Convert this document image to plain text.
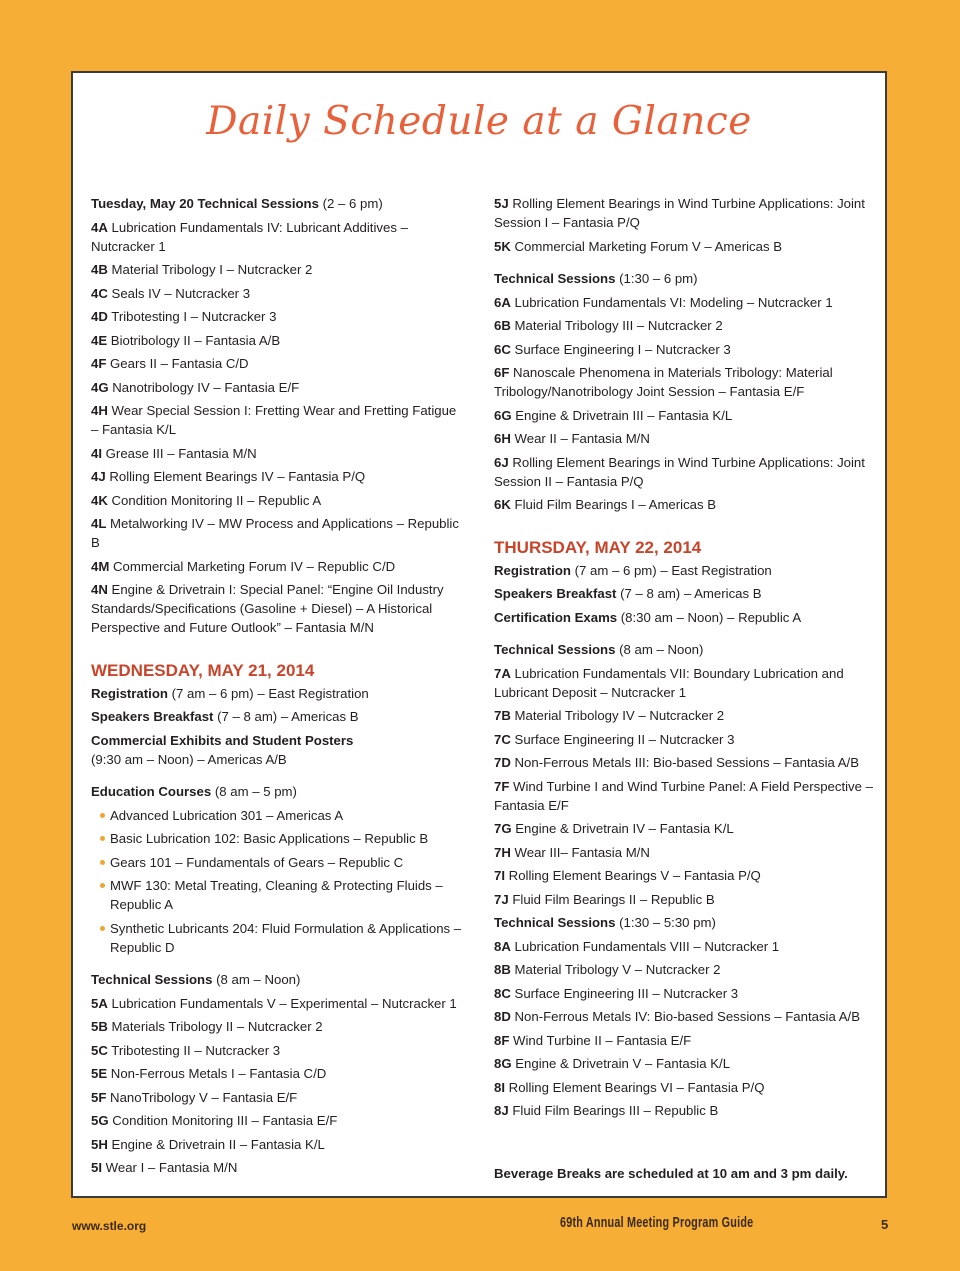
Daily Schedule at a Glance
Tuesday, May 20 Technical Sessions (2 – 6 pm)
4A Lubrication Fundamentals IV: Lubricant Additives – Nutcracker 1
4B Material Tribology I – Nutcracker 2
4C Seals IV – Nutcracker 3
4D Tribotesting I – Nutcracker 3
4E Biotribology II – Fantasia A/B
4F Gears II – Fantasia C/D
4G Nanotribology IV – Fantasia E/F
4H Wear Special Session I: Fretting Wear and Fretting Fatigue – Fantasia K/L
4I Grease III – Fantasia M/N
4J Rolling Element Bearings IV – Fantasia P/Q
4K Condition Monitoring II – Republic A
4L Metalworking IV – MW Process and Applications – Republic B
4M Commercial Marketing Forum IV – Republic C/D
4N Engine & Drivetrain I: Special Panel: “Engine Oil Industry Standards/Specifications (Gasoline + Diesel) – A Historical Perspective and Future Outlook” – Fantasia M/N
WEDNESDAY, MAY 21, 2014
Registration (7 am – 6 pm) – East Registration
Speakers Breakfast (7 – 8 am) – Americas B
Commercial Exhibits and Student Posters
(9:30 am – Noon) – Americas A/B
Education Courses (8 am – 5 pm)
Advanced Lubrication 301 – Americas A
Basic Lubrication 102: Basic Applications – Republic B
Gears 101 – Fundamentals of Gears – Republic C
MWF 130: Metal Treating, Cleaning & Protecting Fluids – Republic A
Synthetic Lubricants 204: Fluid Formulation & Applications – Republic D
Technical Sessions (8 am – Noon)
5A Lubrication Fundamentals V – Experimental – Nutcracker 1
5B Materials Tribology II – Nutcracker 2
5C Tribotesting II – Nutcracker 3
5E Non-Ferrous Metals I – Fantasia C/D
5F NanoTribology V – Fantasia E/F
5G Condition Monitoring III – Fantasia E/F
5H Engine & Drivetrain II – Fantasia K/L
5I Wear I – Fantasia M/N
5J Rolling Element Bearings in Wind Turbine Applications: Joint Session I – Fantasia P/Q
5K Commercial Marketing Forum V – Americas B
Technical Sessions (1:30 – 6 pm)
6A Lubrication Fundamentals VI: Modeling – Nutcracker 1
6B Material Tribology III – Nutcracker 2
6C Surface Engineering I – Nutcracker 3
6F Nanoscale Phenomena in Materials Tribology: Material Tribology/Nanotribology Joint Session – Fantasia E/F
6G Engine & Drivetrain III – Fantasia K/L
6H Wear II – Fantasia M/N
6J Rolling Element Bearings in Wind Turbine Applications: Joint Session II – Fantasia P/Q
6K Fluid Film Bearings I – Americas B
THURSDAY, MAY 22, 2014
Registration (7 am – 6 pm) – East Registration
Speakers Breakfast (7 – 8 am) – Americas B
Certification Exams (8:30 am – Noon) – Republic A
Technical Sessions (8 am – Noon)
7A Lubrication Fundamentals VII: Boundary Lubrication and Lubricant Deposit – Nutcracker 1
7B Material Tribology IV – Nutcracker 2
7C Surface Engineering II – Nutcracker 3
7D Non-Ferrous Metals III: Bio-based Sessions – Fantasia A/B
7F Wind Turbine I and Wind Turbine Panel: A Field Perspective – Fantasia E/F
7G Engine & Drivetrain IV – Fantasia K/L
7H Wear III– Fantasia M/N
7I Rolling Element Bearings V – Fantasia P/Q
7J Fluid Film Bearings II – Republic B
Technical Sessions (1:30 – 5:30 pm)
8A Lubrication Fundamentals VIII – Nutcracker 1
8B Material Tribology V – Nutcracker 2
8C Surface Engineering III – Nutcracker 3
8D Non-Ferrous Metals IV: Bio-based Sessions – Fantasia A/B
8F Wind Turbine II – Fantasia E/F
8G Engine & Drivetrain V – Fantasia K/L
8I Rolling Element Bearings VI – Fantasia P/Q
8J Fluid Film Bearings III – Republic B
Beverage Breaks are scheduled at 10 am and 3 pm daily.
www.stle.org	69th Annual Meeting Program Guide	5
